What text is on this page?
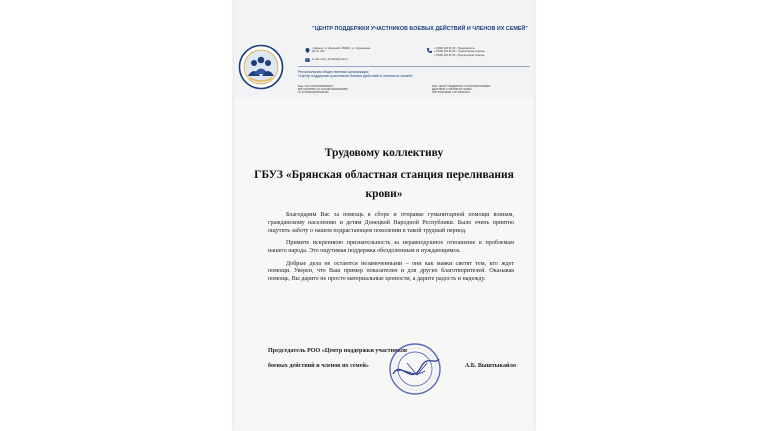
"ЦЕНТР ПОДДЕРЖКИ УЧАСТНИКОВ БОЕВЫХ ДЕЙСТВИЙ И ЧЛЕНОВ ИХ СЕМЕЙ"
г. Донецк, г.о. Донецкий, 283001, ул. Чернышева 28, кв. 102
e-mail: centr_dnr2022@mail.ru
+7(949) 320 82 80 - Председатель
+7(949) 320 82 80 - Гуманитарная помощь
+7(949) 320 82 80 - Юридическая помощь
Региональная общественная организация
«Центр поддержки участников боевых действий и членов их семей»
Банк: ПАО "ПРОМСВЯЗЬБАНК",
БИК 044525555; К/С 30101810400000000555;
СЧ 40703810400000000184
РОО "ЦЕНТР ПОДДЕРЖКИ УЧАСТНИКОВ БОЕВЫХ
ДЕЙСТВИЙ И ЧЛЕНОВ ИХ СЕМЕЙ"
ИНН 9303036384, КПП 930301001
Трудовому коллективу
ГБУЗ «Брянская областная станция переливания крови»

Благодарим Вас за помощь в сборе и отправке гуманитарной помощи воинам, гражданскому населению и детям Донецкой Народной Республики. Было очень приятно ощутить заботу о нашем подрастающем поколении в такой трудный период.

Примите искреннюю признательность за неравнодушное отношение к проблемам нашего народа. Это ощутимая поддержка обездоленным и нуждающимся.

Добрые дела не остаются незамеченными – они как маяки светят тем, кто ждет помощи. Уверен, что Ваш пример показателен и для других благотворителей. Оказывая помощь, Вы дарите не просто материальные ценности, а дарите радость и надежду.

Председатель РОО «Центр поддержки участников
боевых действий и членов их семей»	А.Б. Выштыкайло
